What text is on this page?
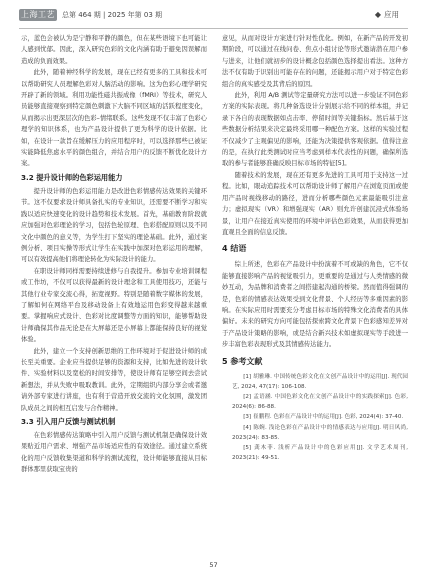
上海工艺 总第 464 期 | 2025 年第 03 期	◆ 应用

示，蓝色会被认为是宁静和平静的颜色，但在某些语境下也可能让人感到忧郁。因此，深入研究色彩的文化内涵有助于避免因误解而造成的负面效果。

此外，随着神经科学的发展，现在已经有更多的工具和技术可以帮助研究人员理解色彩对人脑活动的影响。这为色彩心理学研究开辟了新的领域。利用功能性磁共振成像（fMRI）等技术，研究人员能够直接观察到特定颜色刺激下大脑不同区域的活跃程度变化，从而揭示出更深层次的色彩–情绪联系。这些发现不仅丰富了色彩心理学的知识体系，也为产品设计提供了更为科学的设计依据。比如，在设计一款旨在缓解压力的应用程序时，可以选择那些已被证实能降低焦虑水平的颜色组合，并结合用户的反馈不断优化设计方案。

3.2 提升设计师的色彩运用能力

提升设计师的色彩运用能力是改进色彩情感传达效果的关键环节。这不仅要求设计师具备扎实的专业知识，还需要不断学习和实践以适应快速变化的设计趋势和技术发展。首先，基础教育阶段就应加强对色彩理论的学习，包括色轮原理、色彩搭配原则以及不同文化中颜色的意义等，为学生打下坚实的理论基础。此外，通过案例分析、项目实操等形式让学生在实践中加深对色彩运用的理解，可以有效提高他们将理论转化为实际设计的能力。

在职设计师同样需要持续进修与自我提升。参加专业培训课程或工作坊，不仅可以获得最新的设计理念和工具使用技巧，还能与其他行业专家交流心得，拓宽视野。特别是随着数字媒体的发展，了解如何在网络平台及移动设备上有效地运用色彩变得越来越重要。掌握响应式设计、色彩对比度调整等方面的知识，能够帮助设计师确保其作品无论是在大屏幕还是小屏幕上都能保持良好的视觉体验。

此外，建立一个支持创新思维的工作环境对于促进设计师的成长至关重要。企业应当提供足够的资源和支持，比如先进的设计软件、实验材料以及宽松的时间安排等，使设计师有足够空间去尝试新想法，并从失败中吸取教训。此外，定期组织内部分享会或者邀请外部专家进行讲座，也有利于营造开放交流的文化氛围，激发团队成员之间的相互启发与合作精神。

3.3 引入用户反馈与测试机制

在色彩情感传达策略中引入用户反馈与测试机制是确保设计效果贴近用户需求、增强产品市场适应性的有效途径。通过建立系统化的用户反馈收集渠道和科学的测试流程，设计师能够直接从目标群体那里获取宝贵的

意见，从而对设计方案进行针对性优化。例如，在新产品的开发初期阶段，可以通过在线问卷、焦点小组讨论等形式邀请潜在用户参与进来，让他们就初步的设计概念包括颜色选择提出看法。这种方法不仅有助于识别出可能存在的问题，还能揭示用户对于特定色彩组合的真实感受及其背后的原因。

此外，利用 A/B 测试等定量研究方法可以进一步验证不同色彩方案的实际表现。将几种备选设计分别展示给不同的样本组，并记录下各自的表现数据如点击率、停留时间等关键指标。然后基于这些数据分析结果来决定最终采用哪一种配色方案。这样的实验过程不仅减少了主观偏见的影响，还能为决策提供客观依据。值得注意的是，在执行此类测试时应当考虑到样本代表性的问题，确保所选取的参与者能够准确反映目标市场的特征[5]。

随着技术的发展，现在还有更多先进的工具可用于支持这一过程。比如，眼动追踪技术可以帮助设计师了解用户在浏览页面或使用产品时视线移动的路径，进而分析哪些颜色元素最能吸引注意力；虚拟现实（VR）和增强现实（AR）则允许创建沉浸式体验场景，让用户在接近真实使用的环境中评估色彩效果，从而获得更加直观且全面的信息反馈。

4 结语

综上所述，色彩在产品设计中扮演着不可或缺的角色，它不仅能够直接影响产品的视觉吸引力，更重要的是通过与人类情感的微妙互动，为品牌和消费者之间搭建起沟通的桥梁。然而值得强调的是，色彩的情感表达效果受到文化背景、个人经历等多重因素的影响。在实际应用时需要充分考虑目标市场的特殊文化消费者的具体偏好。未来的研究方向可能包括探索跨文化背景下色彩感知差异对于产品设计策略的影响，或是结合新兴技术如虚拟现实等手段进一步丰富色彩表现形式及其情感传达能力。

5 参考文献

[1] 胡雅琳. 中国传统色彩文化在文创产品设计中的运用[J]. 现代园艺, 2024, 47(17): 106-108.

[2] 孟语涵. 中国色彩文化在文创产品设计中的实践探索[J]. 色彩, 2024(6): 86-88.

[3] 崔鹏程. 色彩在产品设计中的运用[J]. 色彩, 2024(4): 37-40.

[4] 陈婉. 浅论色彩在产品设计中的情感表达与应用[J]. 明日风尚, 2023(24): 83-85.

[5] 龚木菲. 浅析产品设计中的色彩应用[J]. 文学艺术周刊, 2023(21): 49-51.

57
